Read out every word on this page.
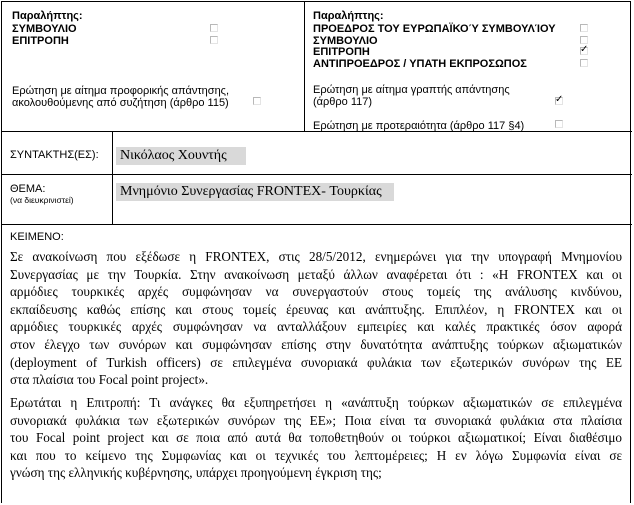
Παραλήπτης:
ΣΥΜΒΟΥΛΙΟ
ΕΠΙΤΡΟΠΗ
Ερώτηση με αίτημα προφορικής απάντησης,
ακολουθούμενης από συζήτηση (άρθρο 115)
Παραλήπτης:
ΠΡΟΕΔΡΟΣ ΤΟΥ ΕΥΡΩΠΑΪΚΟΎ ΣΥΜΒΟΥΛΊΟΥ
ΣΥΜΒΟΥΛΙΟ
ΕΠΙΤΡΟΠΗ
✓
ΑΝΤΙΠΡΟΕΔΡΟΣ / ΥΠΑΤΗ ΕΚΠΡΟΣΩΠΟΣ
Ερώτηση με αίτημα γραπτής απάντησης
(άρθρο 117)
✓
Ερώτηση με προτεραιότητα (άρθρο 117 §4)
ΣΥΝΤΑΚΤΗΣ(ΕΣ): Νικόλαος Χουντής
ΘΕΜΑ:
(να διευκρινιστεί)
Μνημόνιο Συνεργασίας FRONTEX- Τουρκίας
ΚΕΙΜΕΝΟ:
Σε ανακοίνωση που εξέδωσε η FRONTEX, στις 28/5/2012, ενημερώνει για την υπογραφή Μνημονίου
Συνεργασίας με την Τουρκία. Στην ανακοίνωση μεταξύ άλλων αναφέρεται ότι : «Η FRONTEX και οι
αρμόδιες τουρκικές αρχές συμφώνησαν να συνεργαστούν στους τομείς της ανάλυσης κινδύνου,
εκπαίδευσης καθώς επίσης και στους τομείς έρευνας και ανάπτυξης. Επιπλέον, η FRONTEX και οι
αρμόδιες τουρκικές αρχές συμφώνησαν να ανταλλάξουν εμπειρίες και καλές πρακτικές όσον αφορά
στον έλεγχο των συνόρων και συμφώνησαν επίσης στην δυνατότητα ανάπτυξης τούρκων αξιωματικών
(deployment of Turkish officers) σε επιλεγμένα συνοριακά φυλάκια των εξωτερικών συνόρων της ΕΕ
στα πλαίσια του Focal point project».
Ερωτάται η Επιτροπή: Τι ανάγκες θα εξυπηρετήσει η «ανάπτυξη τούρκων αξιωματικών σε επιλεγμένα
συνοριακά φυλάκια των εξωτερικών συνόρων της ΕΕ»; Ποια είναι τα συνοριακά φυλάκια στα πλαίσια
του Focal point project και σε ποια από αυτά θα τοποθετηθούν οι τούρκοι αξιωματικοί; Είναι διαθέσιμο
και που το κείμενο της Συμφωνίας και οι τεχνικές του λεπτομέρειες; Η εν λόγω Συμφωνία είναι σε
γνώση της ελληνικής κυβέρνησης, υπάρχει προηγούμενη έγκριση της;
